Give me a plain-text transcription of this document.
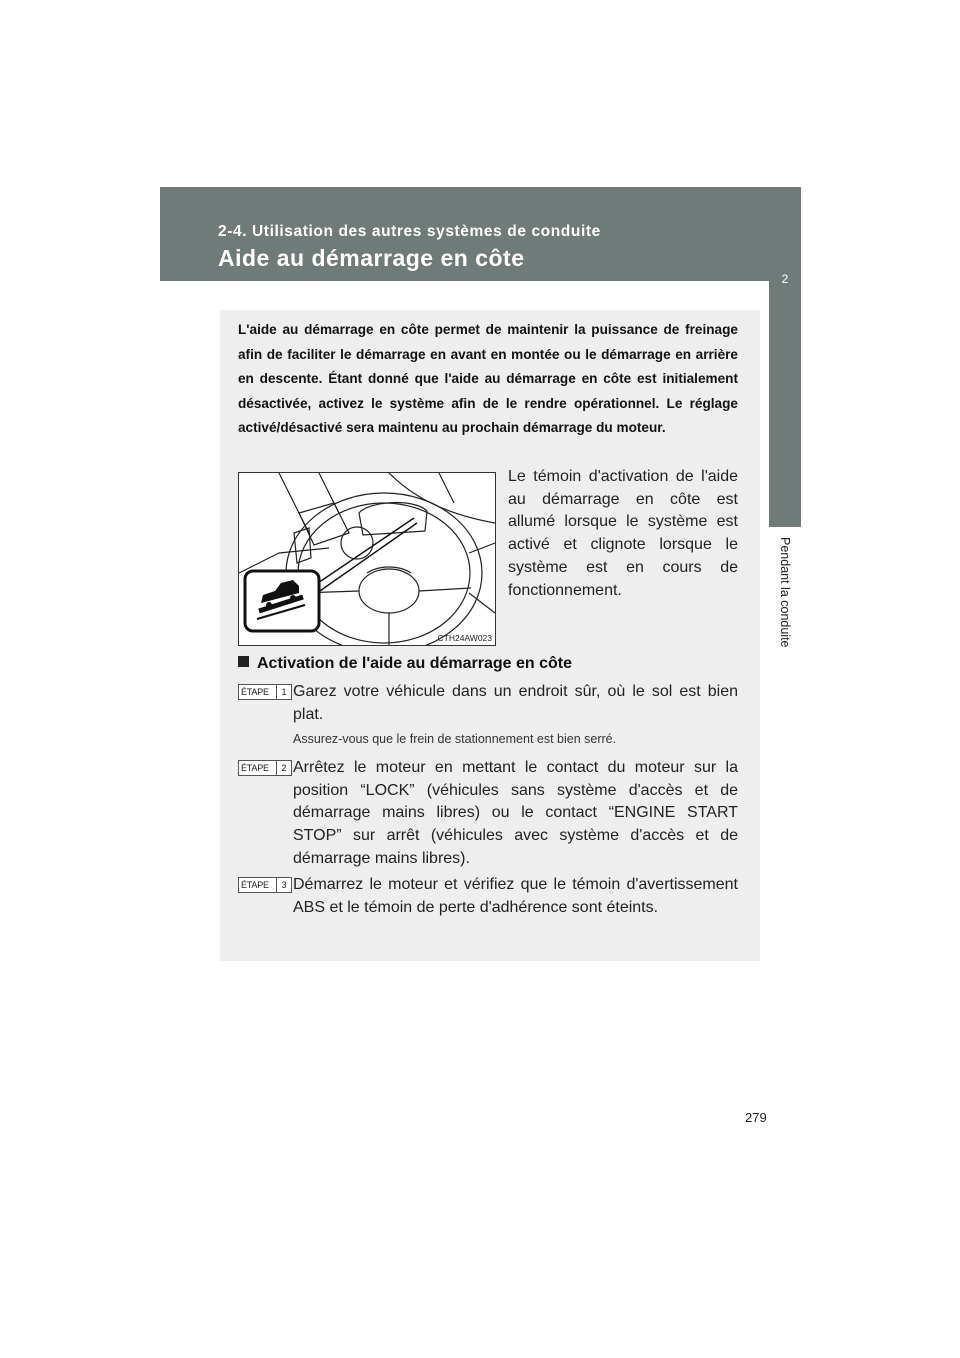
2-4. Utilisation des autres systèmes de conduite
Aide au démarrage en côte
2
Pendant la conduite
L'aide au démarrage en côte permet de maintenir la puissance de freinage afin de faciliter le démarrage en avant en montée ou le démarrage en arrière en descente. Étant donné que l'aide au démarrage en côte est initialement désactivée, activez le système afin de le rendre opérationnel. Le réglage activé/désactivé sera maintenu au prochain démarrage du moteur.
CTH24AW023
Le témoin d'activation de l'aide au démarrage en côte est allumé lorsque le système est activé et clignote lorsque le système est en cours de fonctionnement.
Activation de l'aide au démarrage en côte
ÉTAPE	1 Garez votre véhicule dans un endroit sûr, où le sol est bien plat.
Assurez-vous que le frein de stationnement est bien serré.
ÉTAPE	2 Arrêtez le moteur en mettant le contact du moteur sur la position “LOCK” (véhicules sans système d'accès et de démarrage mains libres) ou le contact “ENGINE START STOP” sur arrêt (véhicules avec système d'accès et de démarrage mains libres).
ÉTAPE	3 Démarrez le moteur et vérifiez que le témoin d'avertissement ABS et le témoin de perte d'adhérence sont éteints.
279
